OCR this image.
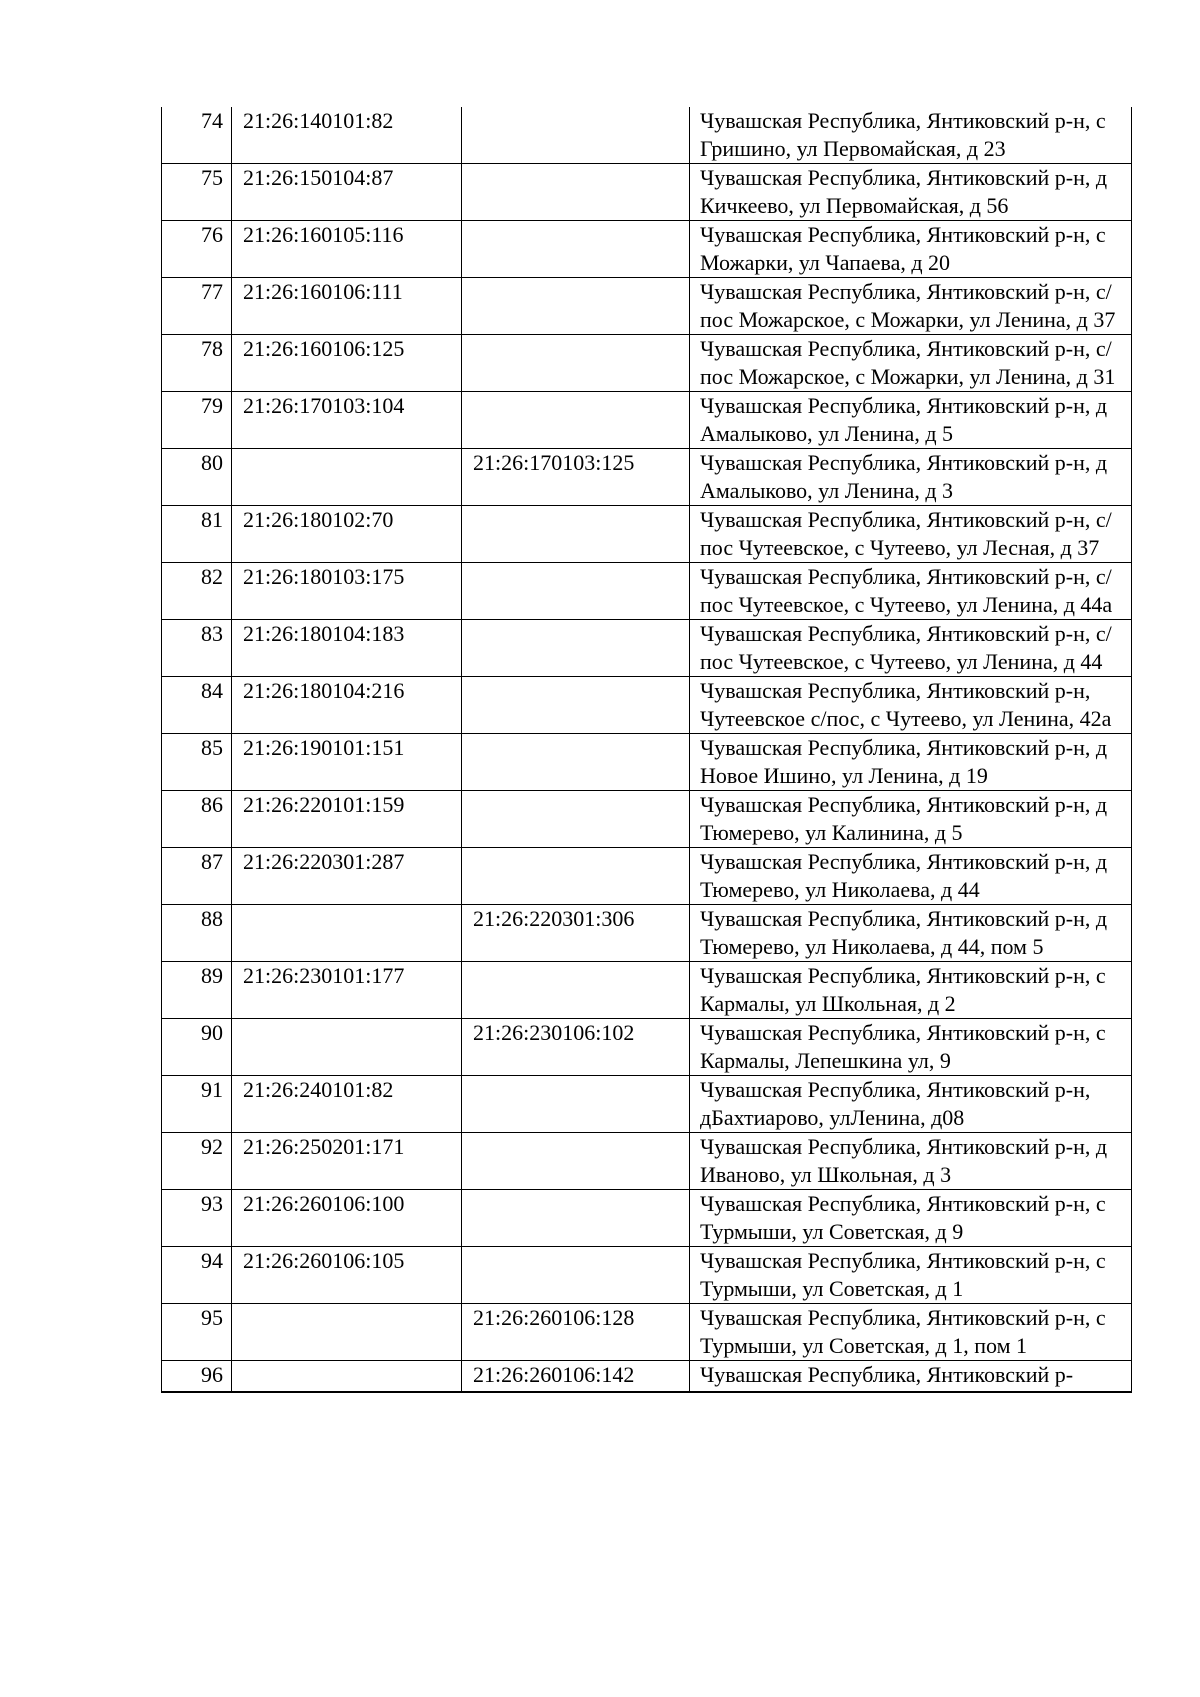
74	21:26:140101:82		Чувашская Республика, Янтиковский р-н, с Гришино, ул Первомайская, д 23
75	21:26:150104:87		Чувашская Республика, Янтиковский р-н, д Кичкеево, ул Первомайская, д 56
76	21:26:160105:116		Чувашская Республика, Янтиковский р-н, с Можарки, ул Чапаева, д 20
77	21:26:160106:111		Чувашская Республика, Янтиковский р-н, с/пос Можарское, с Можарки, ул Ленина, д 37
78	21:26:160106:125		Чувашская Республика, Янтиковский р-н, с/пос Можарское, с Можарки, ул Ленина, д 31
79	21:26:170103:104		Чувашская Республика, Янтиковский р-н, д Амалыково, ул Ленина, д 5
80		21:26:170103:125	Чувашская Республика, Янтиковский р-н, д Амалыково, ул Ленина, д 3
81	21:26:180102:70		Чувашская Республика, Янтиковский р-н, с/пос Чутеевское, с Чутеево, ул Лесная, д 37
82	21:26:180103:175		Чувашская Республика, Янтиковский р-н, с/пос Чутеевское, с Чутеево, ул Ленина, д 44а
83	21:26:180104:183		Чувашская Республика, Янтиковский р-н, с/пос Чутеевское, с Чутеево, ул Ленина, д 44
84	21:26:180104:216		Чувашская Республика, Янтиковский р-н, Чутеевское с/пос, с Чутеево, ул Ленина, 42а
85	21:26:190101:151		Чувашская Республика, Янтиковский р-н, д Новое Ишино, ул Ленина, д 19
86	21:26:220101:159		Чувашская Республика, Янтиковский р-н, д Тюмерево, ул Калинина, д 5
87	21:26:220301:287		Чувашская Республика, Янтиковский р-н, д Тюмерево, ул Николаева, д 44
88		21:26:220301:306	Чувашская Республика, Янтиковский р-н, д Тюмерево, ул Николаева, д 44, пом 5
89	21:26:230101:177		Чувашская Республика, Янтиковский р-н, с Кармалы, ул Школьная, д 2
90		21:26:230106:102	Чувашская Республика, Янтиковский р-н, с Кармалы, Лепешкина ул, 9
91	21:26:240101:82		Чувашская Республика, Янтиковский р-н, дБахтиарово, улЛенина, д08
92	21:26:250201:171		Чувашская Республика, Янтиковский р-н, д Иваново, ул Школьная, д 3
93	21:26:260106:100		Чувашская Республика, Янтиковский р-н, с Турмыши, ул Советская, д 9
94	21:26:260106:105		Чувашская Республика, Янтиковский р-н, с Турмыши, ул Советская, д 1
95		21:26:260106:128	Чувашская Республика, Янтиковский р-н, с Турмыши, ул Советская, д 1, пом 1
96		21:26:260106:142	Чувашская Республика, Янтиковский р-
